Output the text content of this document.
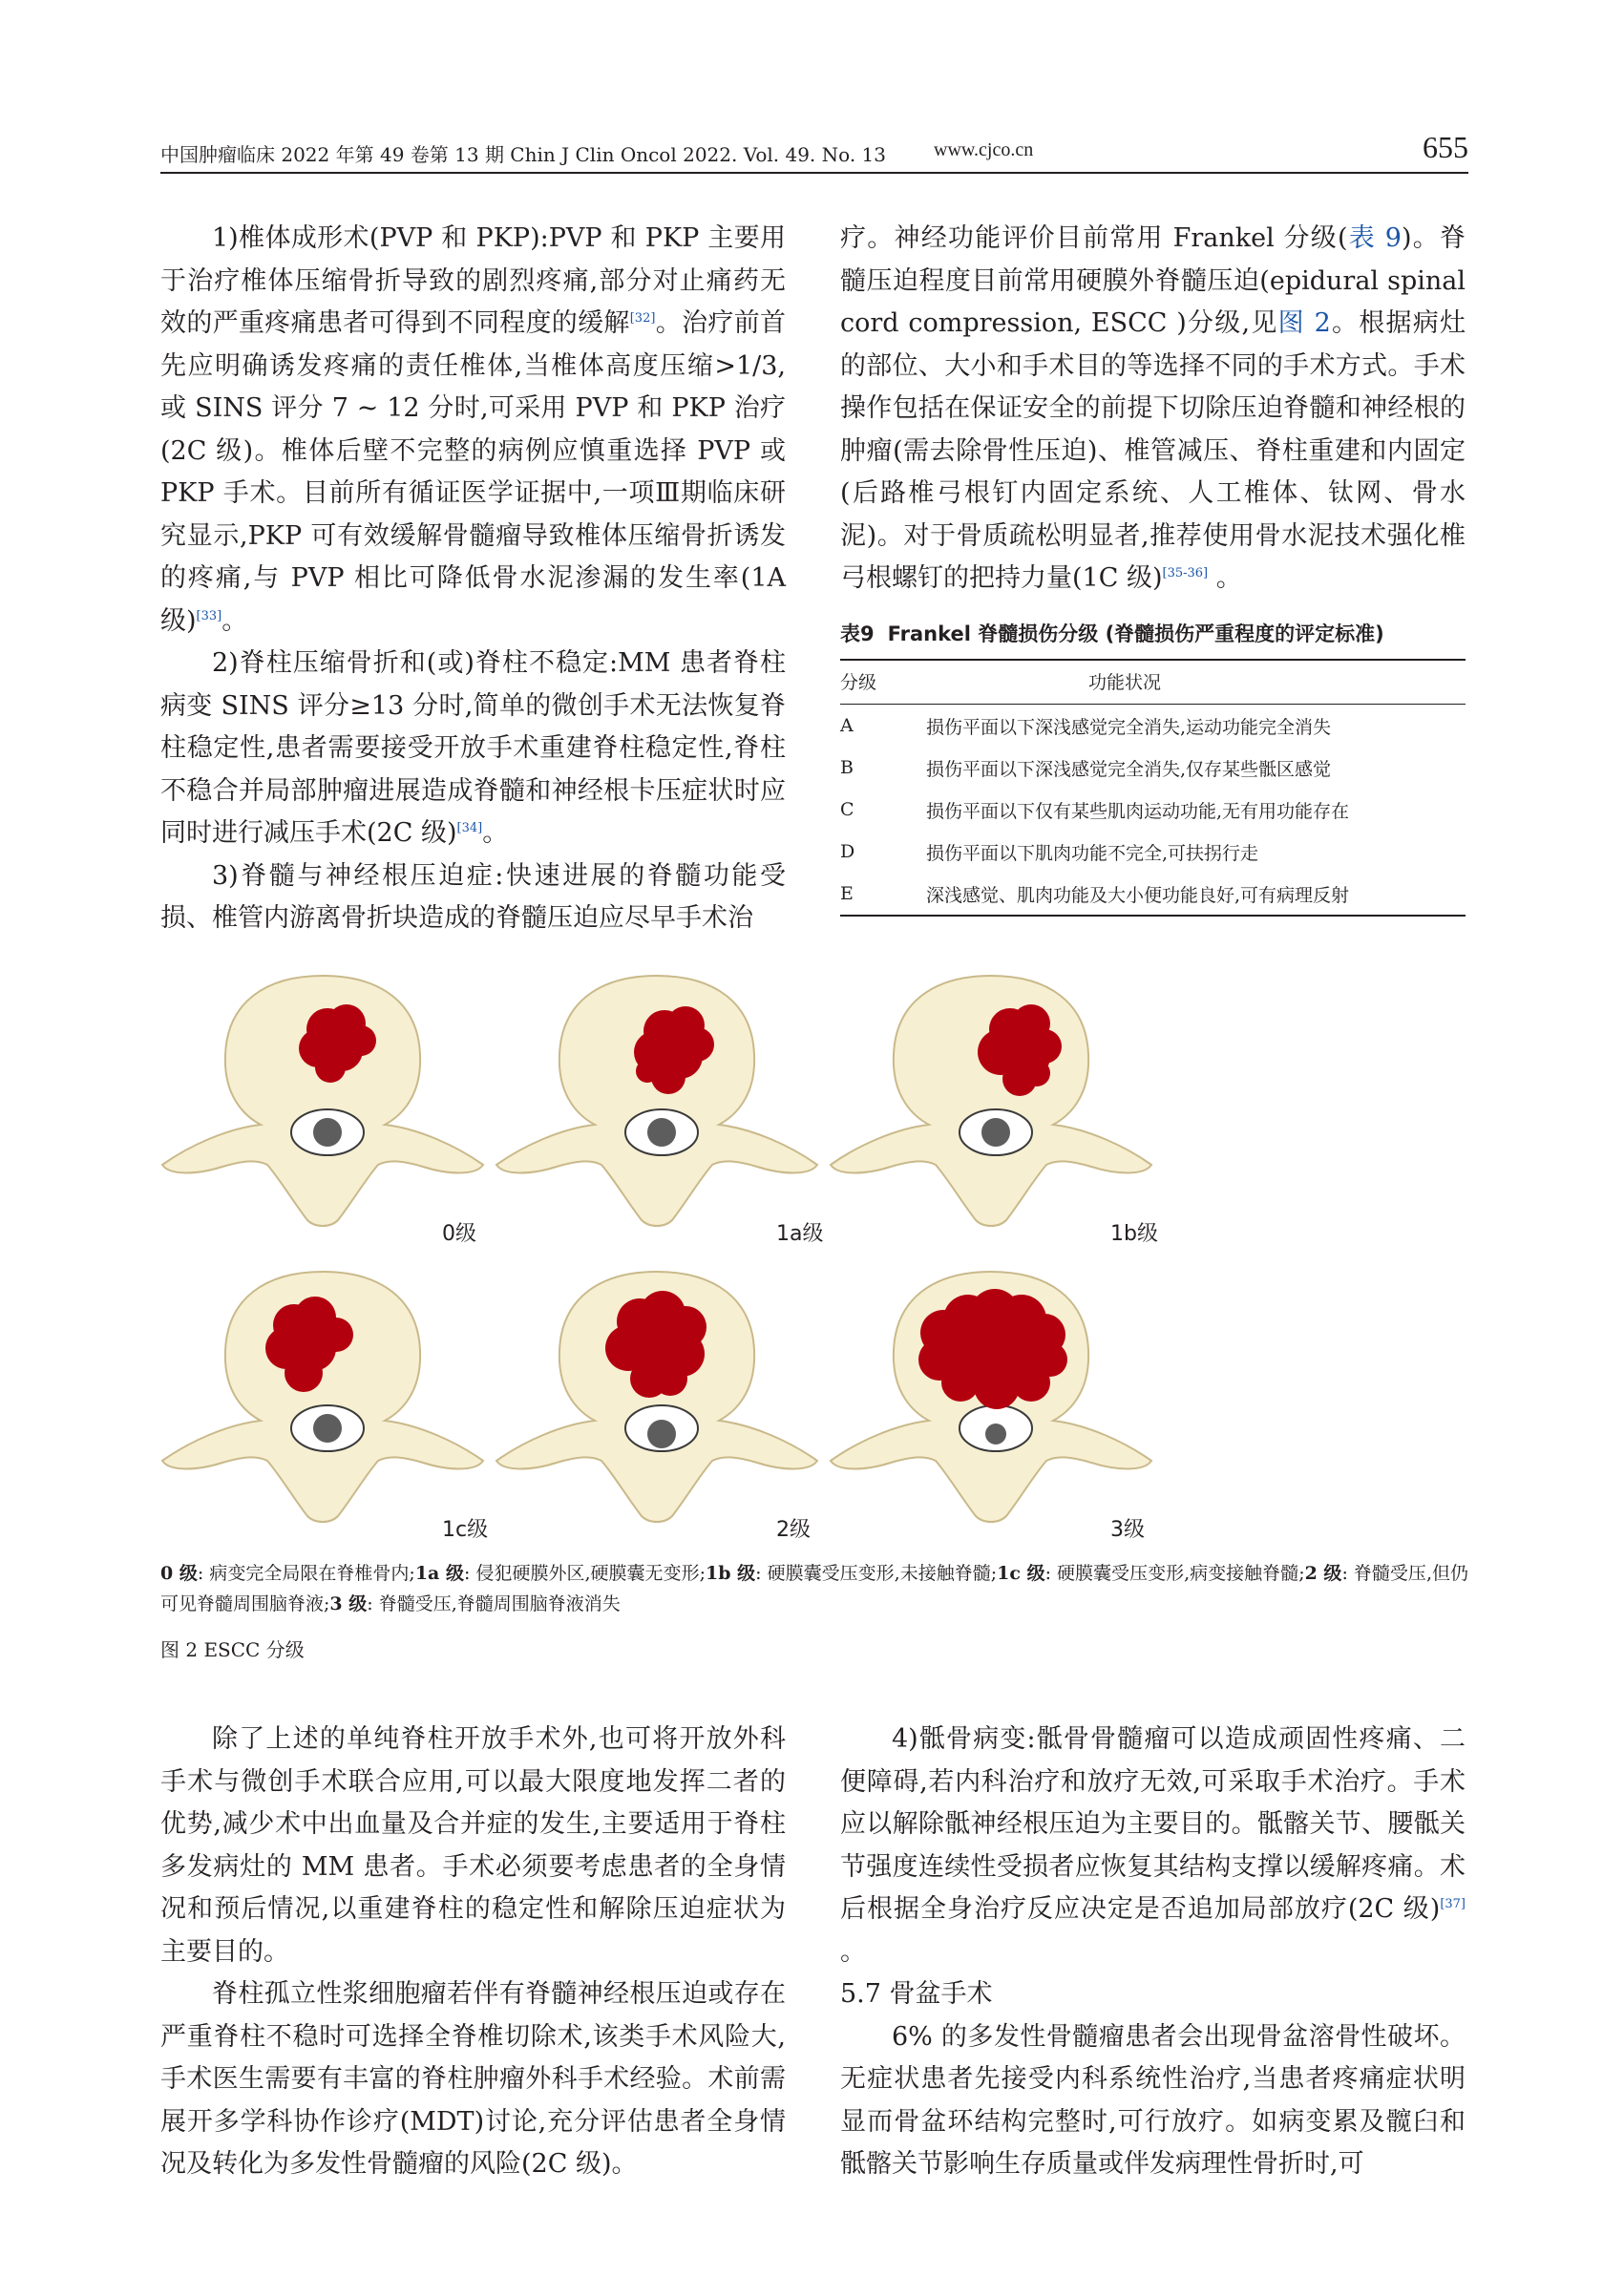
中国肿瘤临床 2022 年第 49 卷第 13 期 Chin J Clin Oncol 2022. Vol. 49. No. 13	www.cjco.cn	655

1)椎体成形术(PVP 和 PKP):PVP 和 PKP 主要用于治疗椎体压缩骨折导致的剧烈疼痛,部分对止痛药无效的严重疼痛患者可得到不同程度的缓解[32]。治疗前首先应明确诱发疼痛的责任椎体,当椎体高度压缩>1/3, 或 SINS 评分 7 ~ 12 分时,可采用 PVP 和 PKP 治疗(2C 级)。椎体后壁不完整的病例应慎重选择 PVP 或 PKP 手术。目前所有循证医学证据中,一项Ⅲ期临床研究显示,PKP 可有效缓解骨髓瘤导致椎体压缩骨折诱发的疼痛,与 PVP 相比可降低骨水泥渗漏的发生率(1A 级)[33]。

2)脊柱压缩骨折和(或)脊柱不稳定:MM 患者脊柱病变 SINS 评分≥13 分时,简单的微创手术无法恢复脊柱稳定性,患者需要接受开放手术重建脊柱稳定性,脊柱不稳合并局部肿瘤进展造成脊髓和神经根卡压症状时应同时进行减压手术(2C 级)[34]。

3)脊髓与神经根压迫症:快速进展的脊髓功能受损、椎管内游离骨折块造成的脊髓压迫应尽早手术治

疗。神经功能评价目前常用 Frankel 分级(表 9)。脊髓压迫程度目前常用硬膜外脊髓压迫(epidural spinal cord compression, ESCC )分级,见图 2。根据病灶的部位、大小和手术目的等选择不同的手术方式。手术操作包括在保证安全的前提下切除压迫脊髓和神经根的肿瘤(需去除骨性压迫)、椎管减压、脊柱重建和内固定(后路椎弓根钉内固定系统、人工椎体、钛网、骨水泥)。对于骨质疏松明显者,推荐使用骨水泥技术强化椎弓根螺钉的把持力量(1C 级)[35-36] 。

表9 Frankel 脊髓损伤分级 (脊髓损伤严重程度的评定标准)
分级	功能状况
A	损伤平面以下深浅感觉完全消失,运动功能完全消失
B	损伤平面以下深浅感觉完全消失,仅存某些骶区感觉
C	损伤平面以下仅有某些肌肉运动功能,无有用功能存在
D	损伤平面以下肌肉功能不完全,可扶拐行走
E	深浅感觉、肌肉功能及大小便功能良好,可有病理反射
0级	1a级	1b级
1c级	2级	3级
0 级: 病变完全局限在脊椎骨内;1a 级: 侵犯硬膜外区,硬膜囊无变形;1b 级: 硬膜囊受压变形,未接触脊髓;1c 级: 硬膜囊受压变形,病变接触脊髓;2 级: 脊髓受压,但仍可见脊髓周围脑脊液;3 级: 脊髓受压,脊髓周围脑脊液消失
图 2 ESCC 分级

除了上述的单纯脊柱开放手术外,也可将开放外科手术与微创手术联合应用,可以最大限度地发挥二者的优势,减少术中出血量及合并症的发生,主要适用于脊柱多发病灶的 MM 患者。手术必须要考虑患者的全身情况和预后情况,以重建脊柱的稳定性和解除压迫症状为主要目的。

脊柱孤立性浆细胞瘤若伴有脊髓神经根压迫或存在严重脊柱不稳时可选择全脊椎切除术,该类手术风险大,手术医生需要有丰富的脊柱肿瘤外科手术经验。术前需展开多学科协作诊疗(MDT)讨论,充分评估患者全身情况及转化为多发性骨髓瘤的风险(2C 级)。

4)骶骨病变:骶骨骨髓瘤可以造成顽固性疼痛、二便障碍,若内科治疗和放疗无效,可采取手术治疗。手术应以解除骶神经根压迫为主要目的。骶髂关节、腰骶关节强度连续性受损者应恢复其结构支撑以缓解疼痛。术后根据全身治疗反应决定是否追加局部放疗(2C 级)[37] 。

5.7 骨盆手术

6% 的多发性骨髓瘤患者会出现骨盆溶骨性破坏。无症状患者先接受内科系统性治疗,当患者疼痛症状明显而骨盆环结构完整时,可行放疗。如病变累及髋臼和骶髂关节影响生存质量或伴发病理性骨折时,可
